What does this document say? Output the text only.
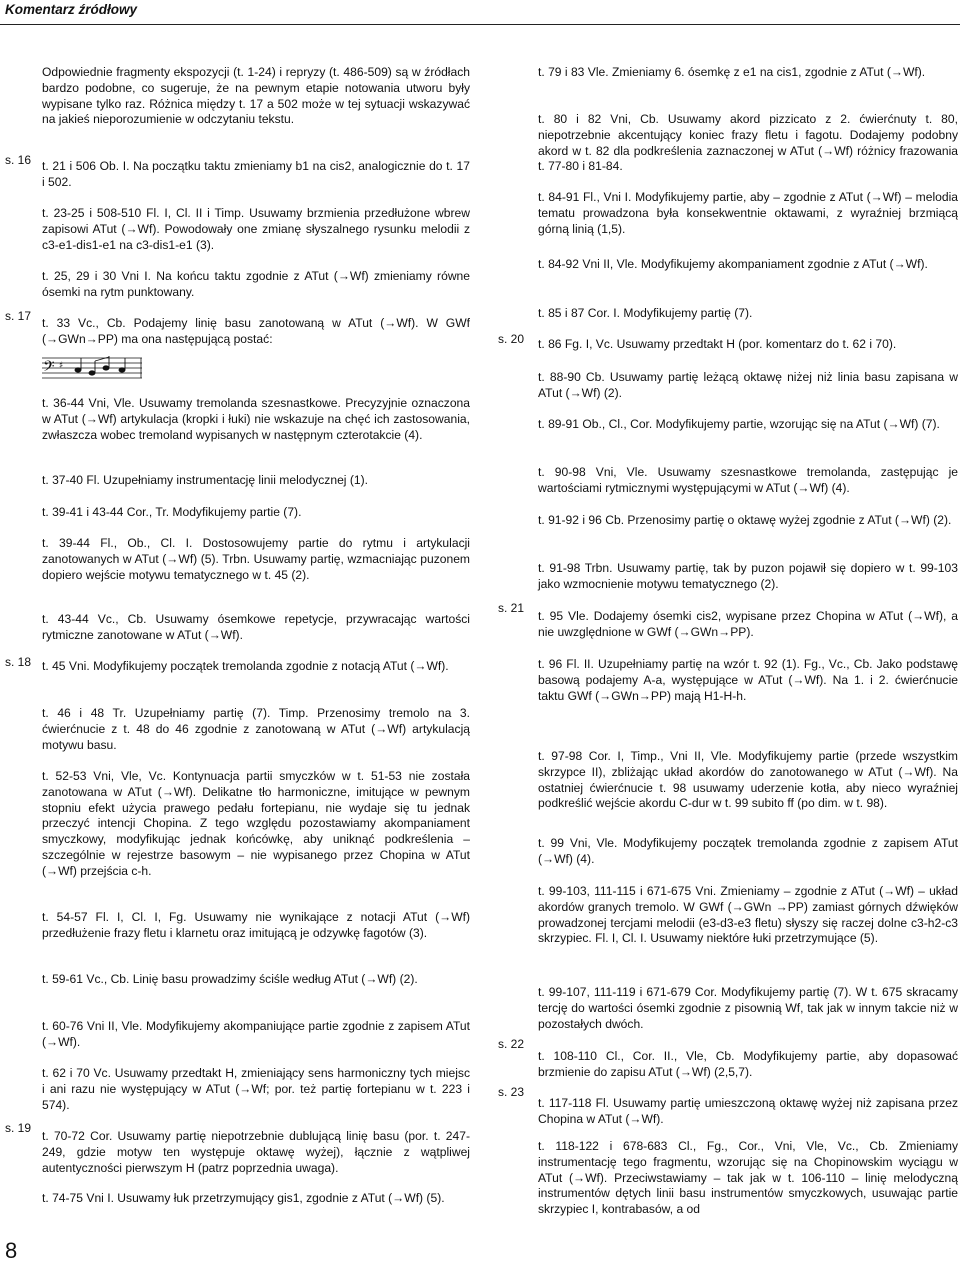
Komentarz źródłowy
s. 16
s. 17
s. 18
s. 19
s. 20
s. 21
s. 22
s. 23

Odpowiednie fragmenty ekspozycji (t. 1-24) i repryzy (t. 486-509) są w źródłach bardzo podobne, co sugeruje, że na pewnym etapie notowania utworu były wypisane tylko raz. Różnica między t. 17 a 502 może w tej sytuacji wskazywać na jakieś nieporozumienie w odczytaniu tekstu.

t. 21 i 506 Ob. I. Na początku taktu zmieniamy b1 na cis2, analogicznie do t. 17 i 502.

t. 23-25 i 508-510 Fl. I, Cl. II i Timp. Usuwamy brzmienia przedłużone wbrew zapisowi ATut (→Wf). Powodowały one zmianę słyszalnego rysunku melodii z c3-e1-dis1-e1 na c3-dis1-e1 (3).

t. 25, 29 i 30 Vni I. Na końcu taktu zgodnie z ATut (→Wf) zmieniamy równe ósemki na rytm punktowany.

t. 33 Vc., Cb. Podajemy linię basu zanotowaną w ATut (→Wf). W GWf (→GWn→PP) ma ona następującą postać:

t. 36-44 Vni, Vle. Usuwamy tremolanda szesnastkowe. Precyzyjnie oznaczona w ATut (→Wf) artykulacja (kropki i łuki) nie wskazuje na chęć ich zastosowania, zwłaszcza wobec tremoland wypisanych w następnym czterotakcie (4).

t. 37-40 Fl. Uzupełniamy instrumentację linii melodycznej (1).

t. 39-41 i 43-44 Cor., Tr. Modyfikujemy partie (7).

t. 39-44 Fl., Ob., Cl. I. Dostosowujemy partie do rytmu i artykulacji zanotowanych w ATut (→Wf) (5). Trbn. Usuwamy partię, wzmacniając puzonem dopiero wejście motywu tematycznego w t. 45 (2).

t. 43-44 Vc., Cb. Usuwamy ósemkowe repetycje, przywracając wartości rytmiczne zanotowane w ATut (→Wf).

t. 45 Vni. Modyfikujemy początek tremolanda zgodnie z notacją ATut (→Wf).

t. 46 i 48 Tr. Uzupełniamy partię (7). Timp. Przenosimy tremolo na 3. ćwierćnucie z t. 48 do 46 zgodnie z zanotowaną w ATut (→Wf) artykulacją motywu basu.

t. 52-53 Vni, Vle, Vc. Kontynuacja partii smyczków w t. 51-53 nie została zanotowana w ATut (→Wf). Delikatne tło harmoniczne, imitujące w pewnym stopniu efekt użycia prawego pedału fortepianu, nie wydaje się tu jednak przeczyć intencji Chopina. Z tego względu pozostawiamy akompaniament smyczkowy, modyfikując jednak końcówkę, aby uniknąć podkreślenia – szczególnie w rejestrze basowym – nie wypisanego przez Chopina w ATut (→Wf) przejścia c-h.

t. 54-57 Fl. I, Cl. I, Fg. Usuwamy nie wynikające z notacji ATut (→Wf) przedłużenie frazy fletu i klarnetu oraz imitującą je odzywkę fagotów (3).

t. 59-61 Vc., Cb. Linię basu prowadzimy ściśle według ATut (→Wf) (2).

t. 60-76 Vni II, Vle. Modyfikujemy akompaniujące partie zgodnie z zapisem ATut (→Wf).

t. 62 i 70 Vc. Usuwamy przedtakt H, zmieniający sens harmoniczny tych miejsc i ani razu nie występujący w ATut (→Wf; por. też partię fortepianu w t. 223 i 574).

t. 70-72 Cor. Usuwamy partię niepotrzebnie dublującą linię basu (por. t. 247-249, gdzie motyw ten występuje oktawę wyżej), łącznie z wątpliwej autentyczności pierwszym H (patrz poprzednia uwaga).

t. 74-75 Vni I. Usuwamy łuk przetrzymujący gis1, zgodnie z ATut (→Wf) (5).

𝄢 ♯

t. 79 i 83 Vle. Zmieniamy 6. ósemkę z e1 na cis1, zgodnie z ATut (→Wf).

t. 80 i 82 Vni, Cb. Usuwamy akord pizzicato z 2. ćwierćnuty t. 80, niepotrzebnie akcentujący koniec frazy fletu i fagotu. Dodajemy podobny akord w t. 82 dla podkreślenia zaznaczonej w ATut (→Wf) różnicy frazowania t. 77-80 i 81-84.

t. 84-91 Fl., Vni I. Modyfikujemy partie, aby – zgodnie z ATut (→Wf) – melodia tematu prowadzona była konsekwentnie oktawami, z wyraźniej brzmiącą górną linią (1,5).

t. 84-92 Vni II, Vle. Modyfikujemy akompaniament zgodnie z ATut (→Wf).

t. 85 i 87 Cor. I. Modyfikujemy partię (7).

t. 86 Fg. I, Vc. Usuwamy przedtakt H (por. komentarz do t. 62 i 70).

t. 88-90 Cb. Usuwamy partię leżącą oktawę niżej niż linia basu zapisana w ATut (→Wf) (2).

t. 89-91 Ob., Cl., Cor. Modyfikujemy partie, wzorując się na ATut (→Wf) (7).

t. 90-98 Vni, Vle. Usuwamy szesnastkowe tremolanda, zastępując je wartościami rytmicznymi występującymi w ATut (→Wf) (4).

t. 91-92 i 96 Cb. Przenosimy partię o oktawę wyżej zgodnie z ATut (→Wf) (2).

t. 91-98 Trbn. Usuwamy partię, tak by puzon pojawił się dopiero w t. 99-103 jako wzmocnienie motywu tematycznego (2).

t. 95 Vle. Dodajemy ósemki cis2, wypisane przez Chopina w ATut (→Wf), a nie uwzględnione w GWf (→GWn→PP).

t. 96 Fl. II. Uzupełniamy partię na wzór t. 92 (1). Fg., Vc., Cb. Jako podstawę basową podajemy A-a, występujące w ATut (→Wf). Na 1. i 2. ćwierćnucie taktu GWf (→GWn→PP) mają H1-H-h.

t. 97-98 Cor. I, Timp., Vni II, Vle. Modyfikujemy partie (przede wszystkim skrzypce II), zbliżając układ akordów do zanotowanego w ATut (→Wf). Na ostatniej ćwierćnucie t. 98 usuwamy uderzenie kotła, aby nieco wyraźniej podkreślić wejście akordu C-dur w t. 99 subito ff (po dim. w t. 98).

t. 99 Vni, Vle. Modyfikujemy początek tremolanda zgodnie z zapisem ATut (→Wf) (4).

t. 99-103, 111-115 i 671-675 Vni. Zmieniamy – zgodnie z ATut (→Wf) – układ akordów granych tremolo. W GWf (→GWn →PP) zamiast górnych dźwięków prowadzonej tercjami melodii (e3-d3-e3 fletu) słyszy się raczej dolne c3-h2-c3 skrzypiec. Fl. I, Cl. I. Usuwamy niektóre łuki przetrzymujące (5).

t. 99-107, 111-119 i 671-679 Cor. Modyfikujemy partię (7). W t. 675 skracamy tercję do wartości ósemki zgodnie z pisownią Wf, tak jak w innym takcie niż w pozostałych dwóch.

t. 108-110 Cl., Cor. II., Vle, Cb. Modyfikujemy partie, aby dopasować brzmienie do zapisu ATut (→Wf) (2,5,7).

t. 117-118 Fl. Usuwamy partię umieszczoną oktawę wyżej niż zapisana przez Chopina w ATut (→Wf).

t. 118-122 i 678-683 Cl., Fg., Cor., Vni, Vle, Vc., Cb. Zmieniamy instrumentację tego fragmentu, wzorując się na Chopinowskim wyciągu w ATut (→Wf). Przeciwstawiamy – tak jak w t. 106-110 – linię melodyczną instrumentów dętych linii basu instrumentów smyczkowych, usuwając partie skrzypiec I, kontrabasów, a od

8
